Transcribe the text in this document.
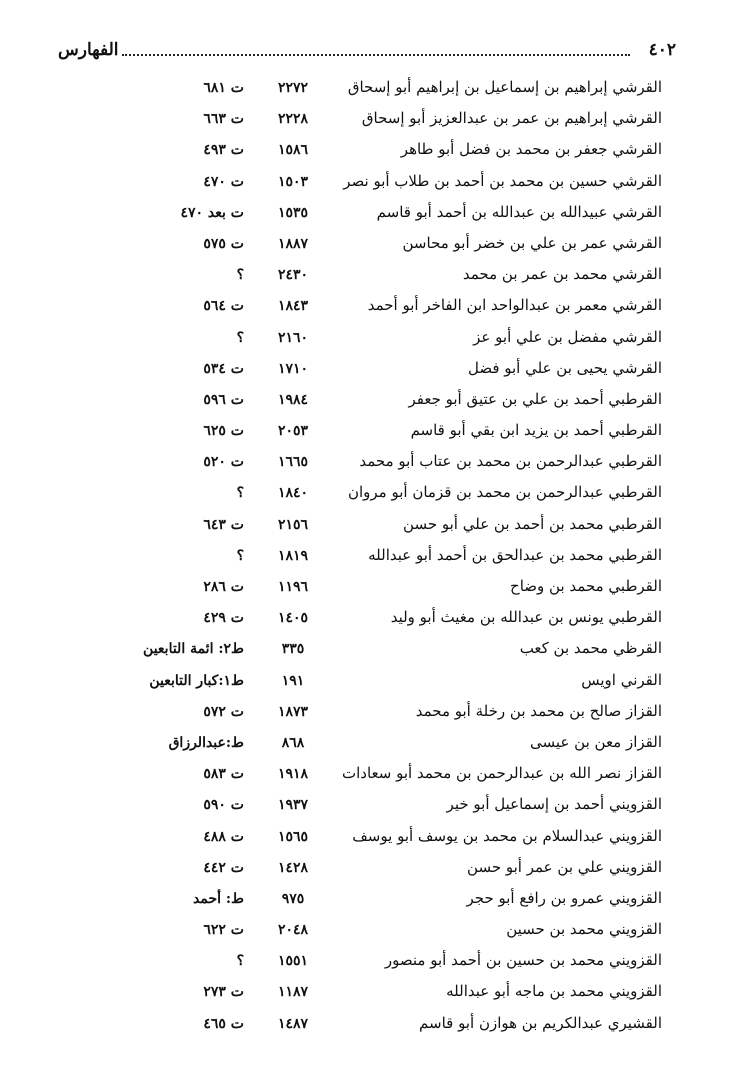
الفهارس	٤٠٢
القرشي إبراهيم بن إسماعيل بن إبراهيم أبو إسحاق
٢٢٧٢
ت ٦٨١
القرشي إبراهيم بن عمر بن عبدالعزيز أبو إسحاق
٢٢٢٨
ت ٦٦٣
القرشي جعفر بن محمد بن فضل أبو طاهر
١٥٨٦
ت ٤٩٣
القرشي حسين بن محمد بن أحمد بن طلاب أبو نصر
١٥٠٣
ت ٤٧٠
القرشي عبيدالله بن عبدالله بن أحمد أبو قاسم
١٥٣٥
ت بعد ٤٧٠
القرشي عمر بن علي بن خضر أبو محاسن
١٨٨٧
ت ٥٧٥
القرشي محمد بن عمر بن محمد
٢٤٣٠
؟
القرشي معمر بن عبدالواحد ابن الفاخر أبو أحمد
١٨٤٣
ت ٥٦٤
القرشي مفضل بن علي أبو عز
٢١٦٠
؟
القرشي يحيى بن علي أبو فضل
١٧١٠
ت ٥٣٤
القرطبي أحمد بن علي بن عتيق أبو جعفر
١٩٨٤
ت ٥٩٦
القرطبي أحمد بن يزيد ابن بقي أبو قاسم
٢٠٥٣
ت ٦٢٥
القرطبي عبدالرحمن بن محمد بن عتاب أبو محمد
١٦٦٥
ت ٥٢٠
القرطبي عبدالرحمن بن محمد بن قزمان أبو مروان
١٨٤٠
؟
القرطبي محمد بن أحمد بن علي أبو حسن
٢١٥٦
ت ٦٤٣
القرطبي محمد بن عبدالحق بن أحمد أبو عبدالله
١٨١٩
؟
القرطبي محمد بن وضاح
١١٩٦
ت ٢٨٦
القرطبي يونس بن عبدالله بن مغيث أبو وليد
١٤٠٥
ت ٤٢٩
القرظي محمد بن كعب
٣٣٥
ط٢: ائمة التابعين
القرني اويس
١٩١
ط١:كبار التابعين
القزاز صالح بن محمد بن رخلة أبو محمد
١٨٧٣
ت ٥٧٢
القزاز معن بن عيسى
٨٦٨
ط:عبدالرزاق
القزاز نصر الله بن عبدالرحمن بن محمد أبو سعادات
١٩١٨
ت ٥٨٣
القزويني أحمد بن إسماعيل أبو خير
١٩٣٧
ت ٥٩٠
القزويني عبدالسلام بن محمد بن يوسف أبو يوسف
١٥٦٥
ت ٤٨٨
القزويني علي بن عمر أبو حسن
١٤٢٨
ت ٤٤٢
القزويني عمرو بن رافع أبو حجر
٩٧٥
ط: أحمد
القزويني محمد بن حسين
٢٠٤٨
ت ٦٢٢
القزويني محمد بن حسين بن أحمد أبو منصور
١٥٥١
؟
القزويني محمد بن ماجه أبو عبدالله
١١٨٧
ت ٢٧٣
القشيري عبدالكريم بن هوازن أبو قاسم
١٤٨٧
ت ٤٦٥
